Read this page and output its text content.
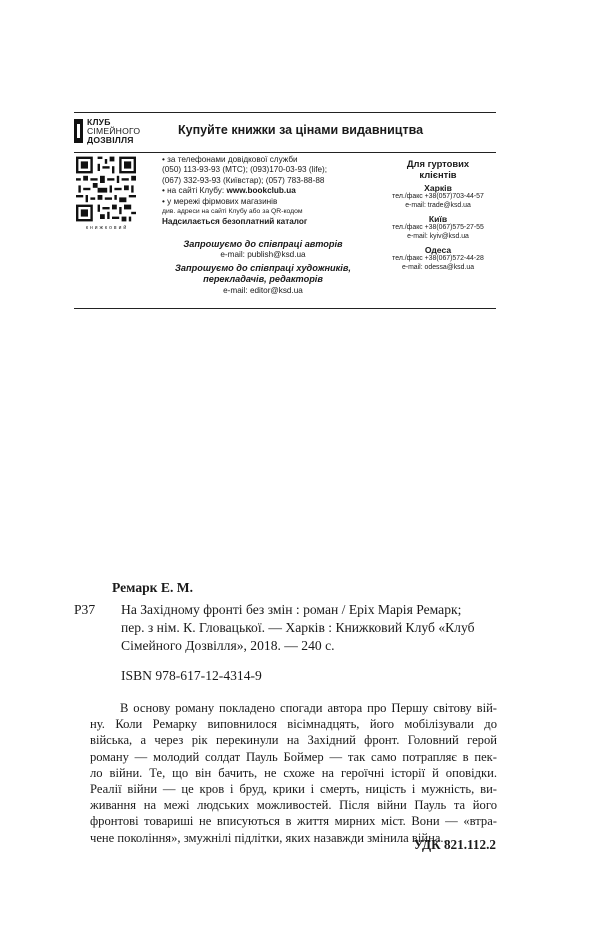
КЛУБ
СІМЕЙНОГО
ДОЗВІЛЛЯ
Купуйте книжки за цінами видавництва
книжковий
• за телефонами довідкової служби
(050) 113-93-93 (МТС); (093)170-03-93 (life);
(067) 332-93-93 (Київстар); (057) 783-88-88
• на сайті Клубу: www.bookclub.ua
• у мережі фірмових магазинів
див. адреси на сайті Клубу або за QR-кодом
Надсилається безоплатний каталог
Запрошуємо до співпраці авторів
e-mail: publish@ksd.ua
Запрошуємо до співпраці художників,
перекладачів, редакторів
e-mail: editor@ksd.ua
Для гуртових
клієнтів
Харків
тел./факс +38(057)703-44-57
e-mail: trade@ksd.ua
Київ
тел./факс +38(067)575-27-55
e-mail: kyiv@ksd.ua
Одеса
тел./факс +38(067)572-44-28
e-mail: odessa@ksd.ua
Ремарк Е. М.
Р37 На Західному фронті без змін : роман / Еріх Марія Ремарк;
пер. з нім. К. Гловацької. — Харків : Книжковий Клуб «Клуб
Сімейного Дозвілля», 2018. — 240 с.
ISBN 978-617-12-4314-9
В основу роману покладено спогади автора про Першу світову вій-
ну. Коли Ремарку виповнилося вісімнадцять, його мобілізували до
війська, а через рік перекинули на Західний фронт. Головний герой
роману — молодий солдат Пауль Боймер — так само потрапляє в пек-
ло війни. Те, що він бачить, не схоже на героїчні історії й оповідки.
Реалії війни — це кров і бруд, крики і смерть, ницість і мужність, ви-
живання на межі людських можливостей. Після війни Пауль та його
фронтові товариші не вписуються в життя мирних міст. Вони — «втра-
чене покоління», змужнілі підлітки, яких назавжди змінила війна...
УДК 821.112.2
